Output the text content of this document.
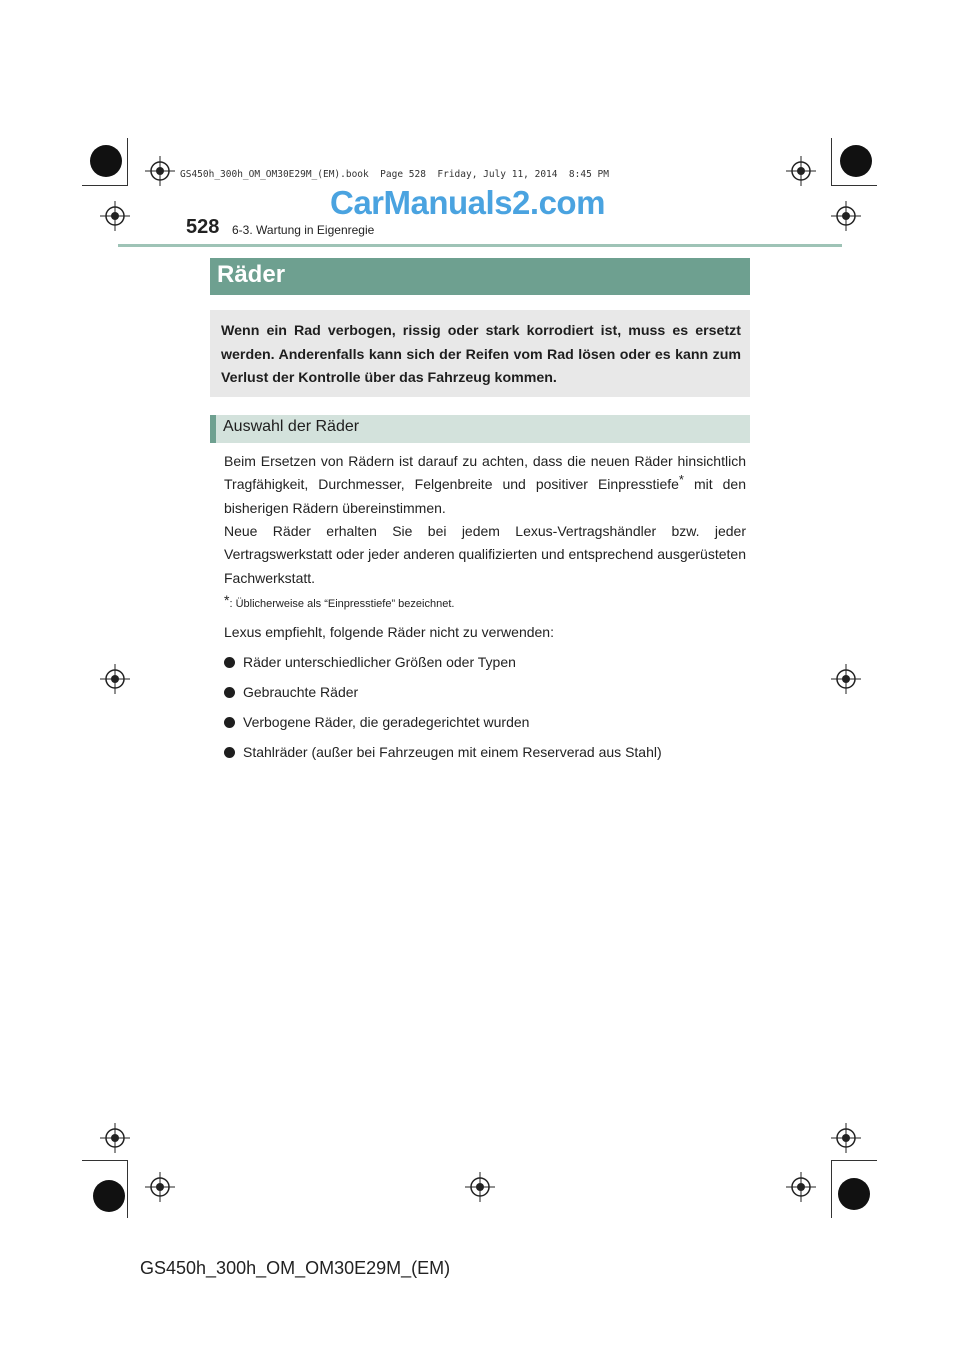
GS450h_300h_OM_OM30E29M_(EM).book  Page 528  Friday, July 11, 2014  8:45 PM
CarManuals2.com
528 6-3. Wartung in Eigenregie
Räder

Wenn ein Rad verbogen, rissig oder stark korrodiert ist, muss es ersetzt werden. Anderenfalls kann sich der Reifen vom Rad lösen oder es kann zum Verlust der Kontrolle über das Fahrzeug kommen.

Auswahl der Räder

Beim Ersetzen von Rädern ist darauf zu achten, dass die neuen Räder hinsichtlich Tragfähigkeit, Durchmesser, Felgenbreite und positiver Einpresstiefe* mit den bisherigen Rädern übereinstimmen.

Neue Räder erhalten Sie bei jedem Lexus-Vertragshändler bzw. jeder Vertragswerkstatt oder jeder anderen qualifizierten und entsprechend ausgerüsteten Fachwerkstatt.

*: Üblicherweise als “Einpresstiefe” bezeichnet.
Lexus empfiehlt, folgende Räder nicht zu verwenden:
Räder unterschiedlicher Größen oder Typen
Gebrauchte Räder
Verbogene Räder, die geradegerichtet wurden
Stahlräder (außer bei Fahrzeugen mit einem Reserverad aus Stahl)
GS450h_300h_OM_OM30E29M_(EM)
